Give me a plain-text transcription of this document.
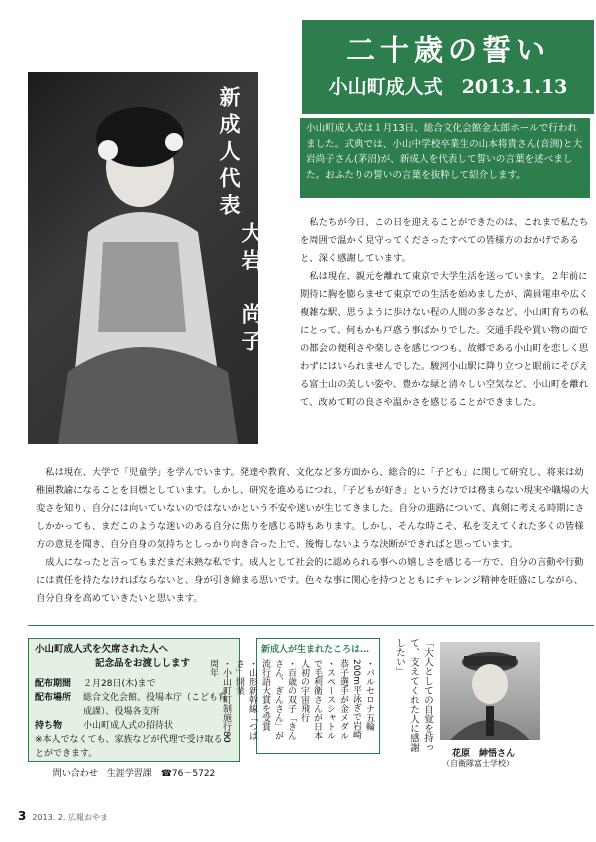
新成人代表
大岩　尚子
二十歳の誓い
小山町成人式　2013.1.13
小山町成人式は１月13日、総合文化会館金太郎ホールで行われました。式典では、小山中学校卒業生の山本将貴さん(音渕)と大岩尚子さん(茅沼)が、新成人を代表して誓いの言葉を述べました。おふたりの誓いの言葉を抜粋して紹介します。

私たちが今日、この日を迎えることができたのは、これまで私たちを周囲で温かく見守ってくださったすべての皆様方のおかげであると、深く感謝しています。

私は現在、親元を離れて東京で大学生活を送っています。２年前に期待に胸を膨らませて東京での生活を始めましたが、満員電車や広く複雑な駅、思うように歩けない程の人間の多さなど、小山町育ちの私にとって、何もかも戸惑う事ばかりでした。交通手段や買い物の面での都会の便利さや楽しさを感じつつも、故郷である小山町を恋しく思わずにはいられませんでした。駿河小山駅に降り立つと眼前にそびえる富士山の美しい姿や、豊かな緑と清々しい空気など、小山町を離れて、改めて町の良さや温かさを感じることができました。

私は現在、大学で「児童学」を学んでいます。発達や教育、文化など多方面から、総合的に「子ども」に関して研究し、将来は幼稚園教諭になることを目標としています。しかし、研究を進めるにつれ、「子どもが好き」というだけでは務まらない現実や職場の大変さを知り、自分には向いていないのではないかという不安や迷いが生じてきました。自分の進路について、真剣に考える時期にさしかかっても、まだこのような迷いのある自分に焦りを感じる時もあります。しかし、そんな時こそ、私を支えてくれた多くの皆様方の意見を聞き、自分自身の気持ちとしっかり向き合った上で、後悔しないような決断ができればと思っています。

成人になったと言ってもまだまだ未熟な私です。成人として社会的に認められる事への嬉しさを感じる一方で、自分の言動や行動には責任を持たなければならないと、身が引き締まる思いです。色々な事に関心を持つとともにチャレンジ精神を旺盛にしながら、自分自身を高めていきたいと思います。

小山町成人式を欠席された人へ
記念品をお渡しします
配布期間	２月28日(木)まで
配布場所	総合文化会館、役場本庁（こども育成課）、役場各支所
持ち物	小山町成人式の招待状
※本人でなくても、家族などが代理で受け取ることができます。
問い合わせ　生涯学習課　☎76－5722
新成人が生まれたころは…
・バルセロナ五輪200m平泳ぎで岩崎恭子選手が金メダル
・スペースシャトルで毛利衛さんが日本人初の宇宙飛行
・百歳の双子「きんさん、ぎんさん」が流行語大賞を受賞
・山形新幹線「つばさ」開業
・小山町町制施行80周年	「大人としての自覚を持って、支えてくれた人に感謝したい」
花原　紳悟さん
（自衛隊富士学校）
3 2013. 2. 広報おやま
